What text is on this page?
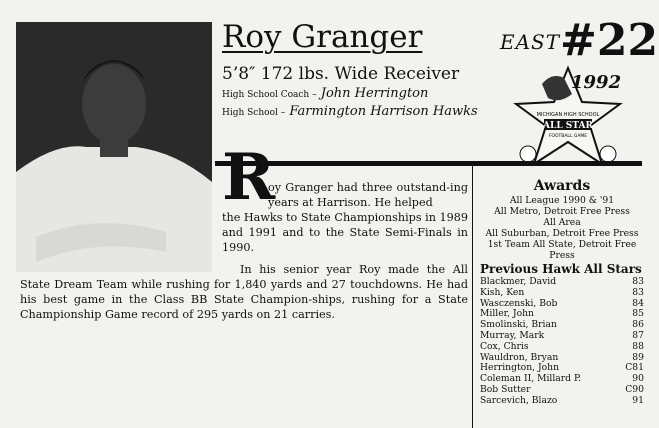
Roy Granger
5’8″ 172 lbs. Wide Receiver
High School Coach – John Herrington
High School – Farmington Harrison Hawks
EAST #22
MICHIGAN HIGH SCHOOL
ALL STAR
FOOTBALL GAME
1992
R

oy Granger had three outstand-ing years at Harrison. He helped

the Hawks to State Championships in 1989 and 1991 and to the State Semi-Finals in 1990.

In his senior year Roy made the All State Dream Team while rushing for 1,840 yards and 27 touchdowns. He had his best game in the Class BB State Champion-ships, rushing for a State Championship Game record of 295 yards on 21 carries.

Awards
All League 1990 & '91
All Metro, Detroit Free Press
All Area
All Suburban, Detroit Free Press
1st Team All State, Detroit Free Press
Previous Hawk All Stars
Blackmer, David	83
Kish, Ken	83
Wasczenski, Bob	84
Miller, John	85
Smolinski, Brian	86
Murray, Mark	87
Cox, Chris	88
Wauldron, Bryan	89
Herrington, John	C81
Coleman II, Millard P.	90
Bob Sutter	C90
Sarcevich, Blazo	91
